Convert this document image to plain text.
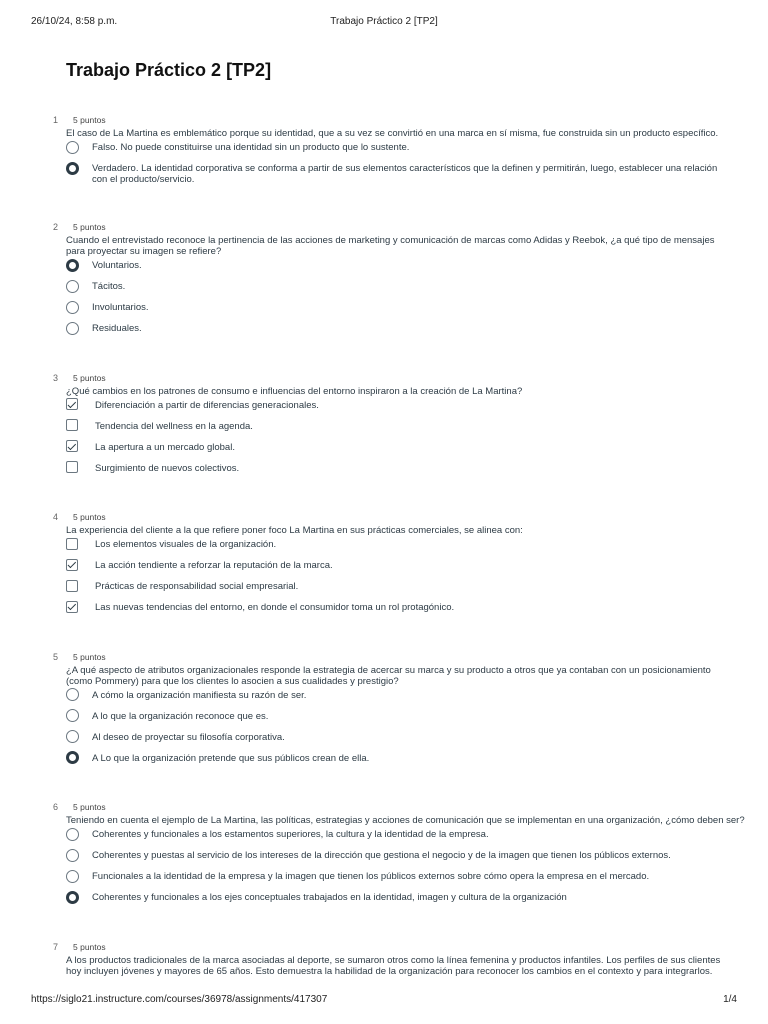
26/10/24, 8:58 p.m.	Trabajo Práctico 2 [TP2]
Trabajo Práctico 2 [TP2]
1 5 puntos
El caso de La Martina es emblemático porque su identidad, que a su vez se convirtió en una marca en sí misma, fue construida sin un producto específico.
Falso. No puede constituirse una identidad sin un producto que lo sustente.
Verdadero. La identidad corporativa se conforma a partir de sus elementos característicos que la definen y permitirán, luego, establecer una relación con el producto/servicio.
2 5 puntos
Cuando el entrevistado reconoce la pertinencia de las acciones de marketing y comunicación de marcas como Adidas y Reebok, ¿a qué tipo de mensajes para proyectar su imagen se refiere?
Voluntarios.
Tácitos.
Involuntarios.
Residuales.
3 5 puntos
¿Qué cambios en los patrones de consumo e influencias del entorno inspiraron a la creación de La Martina?
Diferenciación a partir de diferencias generacionales.
Tendencia del wellness en la agenda.
La apertura a un mercado global.
Surgimiento de nuevos colectivos.
4 5 puntos
La experiencia del cliente a la que refiere poner foco La Martina en sus prácticas comerciales, se alinea con:
Los elementos visuales de la organización.
La acción tendiente a reforzar la reputación de la marca.
Prácticas de responsabilidad social empresarial.
Las nuevas tendencias del entorno, en donde el consumidor toma un rol protagónico.
5 5 puntos
¿A qué aspecto de atributos organizacionales responde la estrategia de acercar su marca y su producto a otros que ya contaban con un posicionamiento (como Pommery) para que los clientes lo asocien a sus cualidades y prestigio?
A cómo la organización manifiesta su razón de ser.
A lo que la organización reconoce que es.
Al deseo de proyectar su filosofía corporativa.
A Lo que la organización pretende que sus públicos crean de ella.
6 5 puntos
Teniendo en cuenta el ejemplo de La Martina, las políticas, estrategias y acciones de comunicación que se implementan en una organización, ¿cómo deben ser?
Coherentes y funcionales a los estamentos superiores, la cultura y la identidad de la empresa.
Coherentes y puestas al servicio de los intereses de la dirección que gestiona el negocio y de la imagen que tienen los públicos externos.
Funcionales a la identidad de la empresa y la imagen que tienen los públicos externos sobre cómo opera la empresa en el mercado.
Coherentes y funcionales a los ejes conceptuales trabajados en la identidad, imagen y cultura de la organización
7 5 puntos
A los productos tradicionales de la marca asociadas al deporte, se sumaron otros como la línea femenina y productos infantiles. Los perfiles de sus clientes hoy incluyen jóvenes y mayores de 65 años. Esto demuestra la habilidad de la organización para reconocer los cambios en el contexto y para integrarlos.
https://siglo21.instructure.com/courses/36978/assignments/417307	1/4
